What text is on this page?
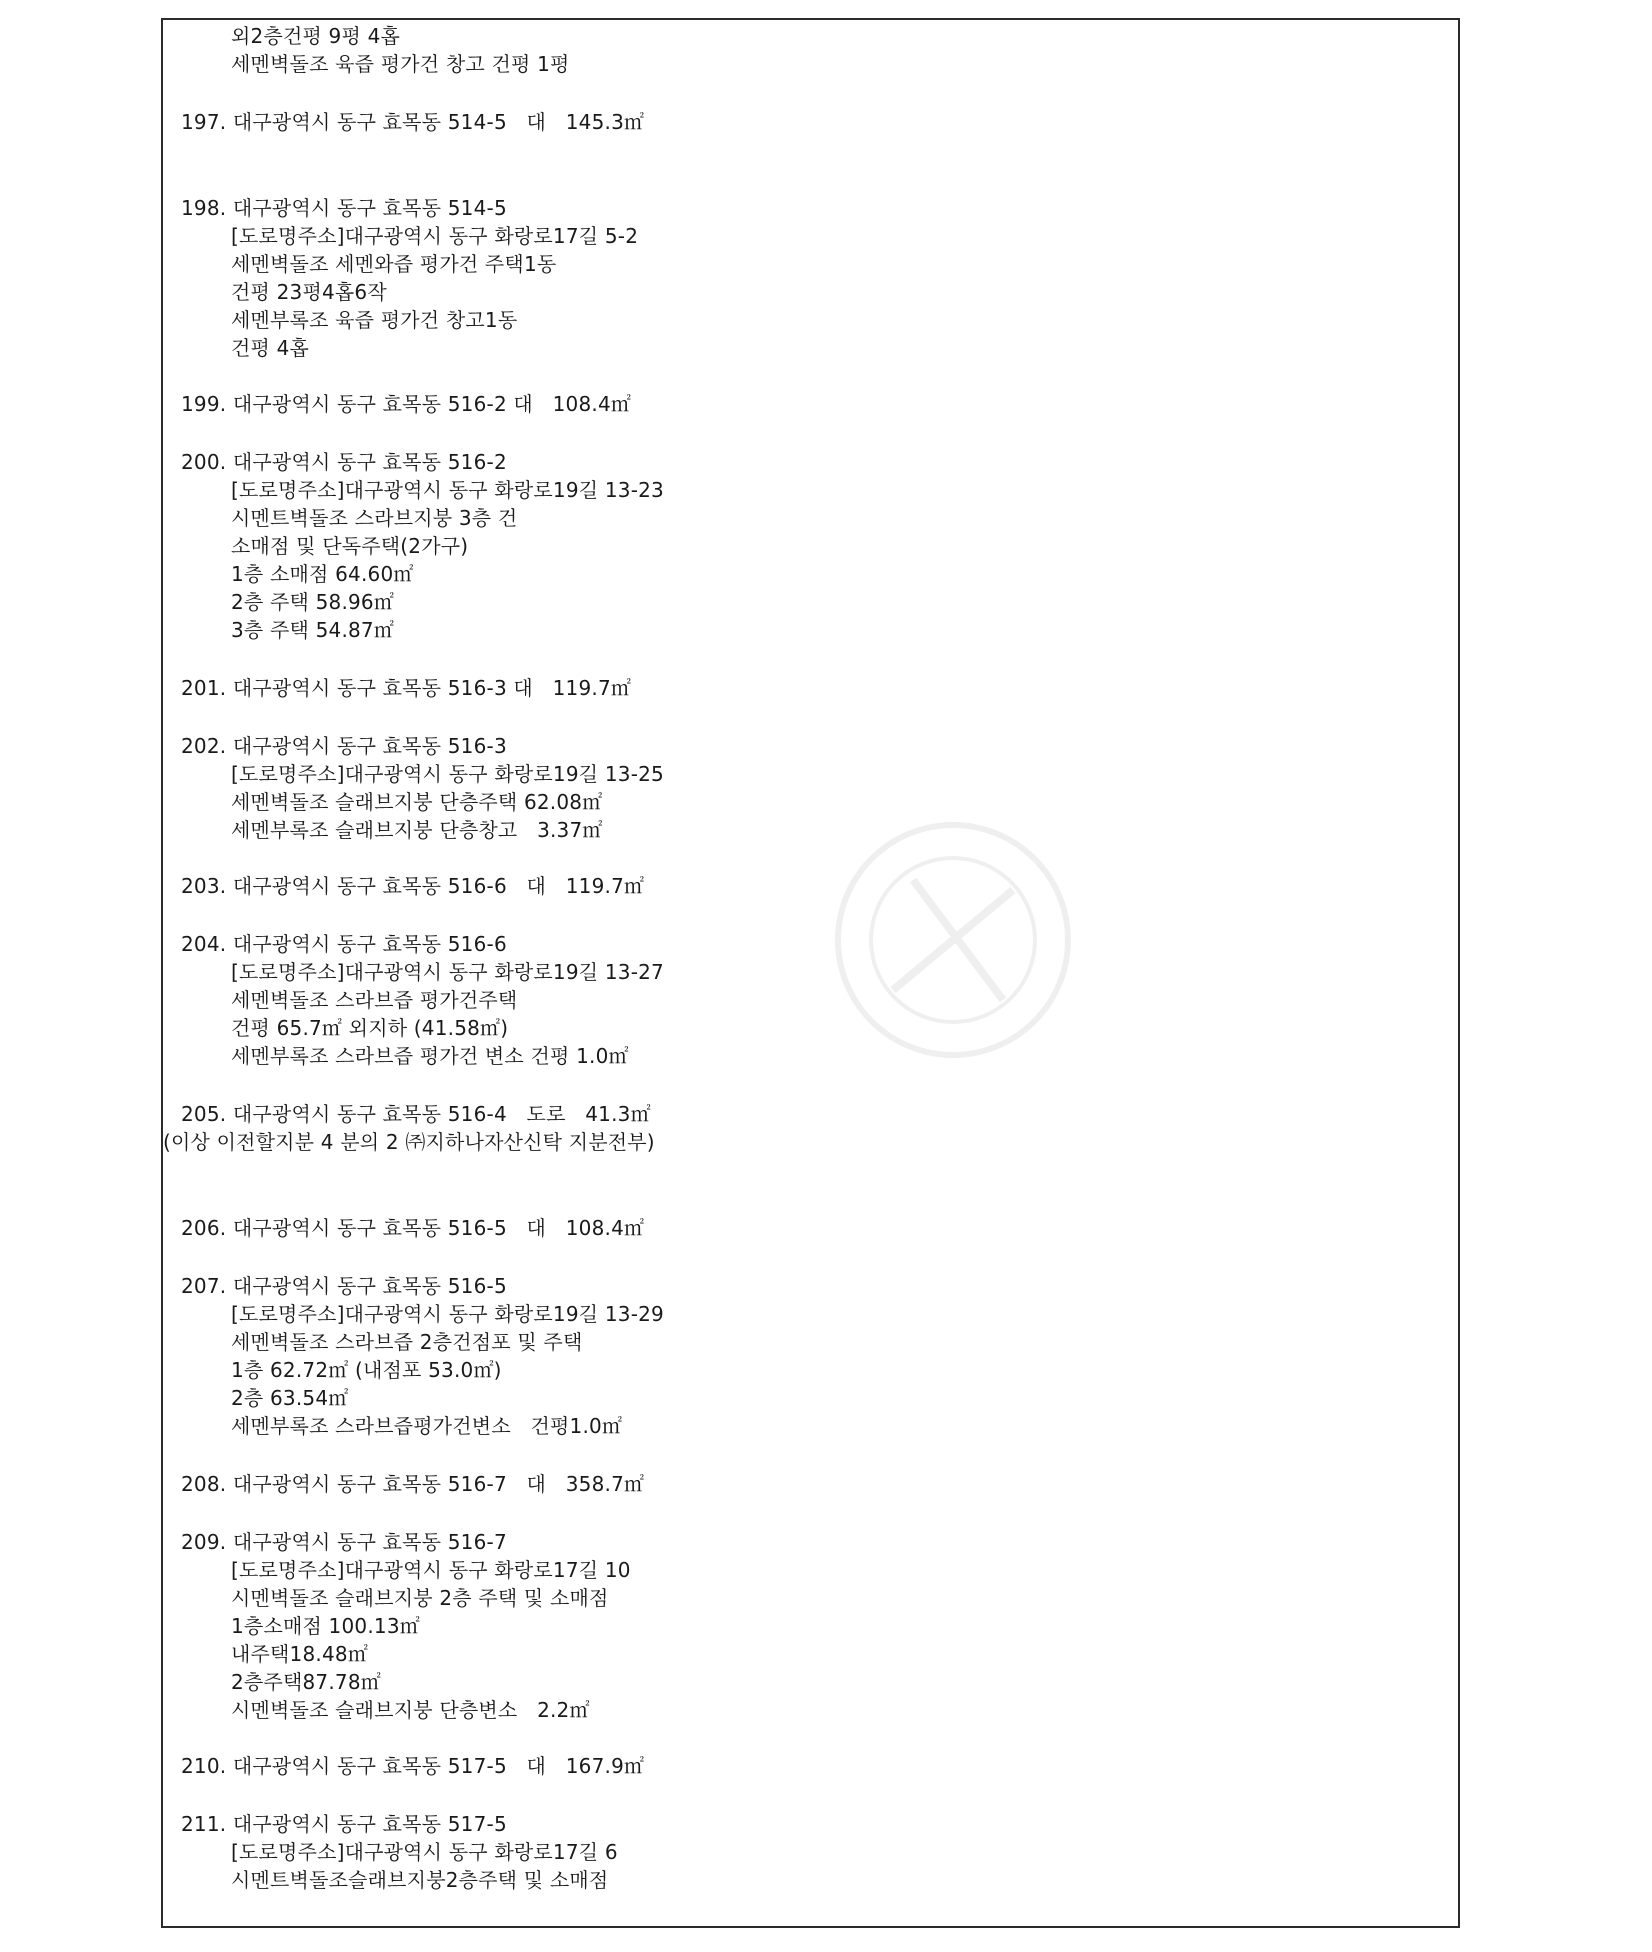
외2층건평 9평 4홉
세멘벽돌조 육즙 평가건 창고 건평 1평
197. 대구광역시 동구 효목동 514-5   대   145.3㎡
198. 대구광역시 동구 효목동 514-5
[도로명주소]대구광역시 동구 화랑로17길 5-2
세멘벽돌조 세멘와즙 평가건 주택1동
건평 23평4홉6작
세멘부록조 육즙 평가건 창고1동
건평 4홉
199. 대구광역시 동구 효목동 516-2 대   108.4㎡
200. 대구광역시 동구 효목동 516-2
[도로명주소]대구광역시 동구 화랑로19길 13-23
시멘트벽돌조 스라브지붕 3층 건
소매점 및 단독주택(2가구)
1층 소매점 64.60㎡
2층 주택 58.96㎡
3층 주택 54.87㎡
201. 대구광역시 동구 효목동 516-3 대   119.7㎡
202. 대구광역시 동구 효목동 516-3
[도로명주소]대구광역시 동구 화랑로19길 13-25
세멘벽돌조 슬래브지붕 단층주택 62.08㎡
세멘부록조 슬래브지붕 단층창고   3.37㎡
203. 대구광역시 동구 효목동 516-6   대   119.7㎡
204. 대구광역시 동구 효목동 516-6
[도로명주소]대구광역시 동구 화랑로19길 13-27
세멘벽돌조 스라브즙 평가건주택
건평 65.7㎡ 외지하 (41.58㎡)
세멘부록조 스라브즙 평가건 변소 건평 1.0㎡
205. 대구광역시 동구 효목동 516-4   도로   41.3㎡
(이상 이전할지분 4 분의 2 ㈜지하나자산신탁 지분전부)
206. 대구광역시 동구 효목동 516-5   대   108.4㎡
207. 대구광역시 동구 효목동 516-5
[도로명주소]대구광역시 동구 화랑로19길 13-29
세멘벽돌조 스라브즙 2층건점포 및 주택
1층 62.72㎡ (내점포 53.0㎡)
2층 63.54㎡
세멘부록조 스라브즙평가건변소   건평1.0㎡
208. 대구광역시 동구 효목동 516-7   대   358.7㎡
209. 대구광역시 동구 효목동 516-7
[도로명주소]대구광역시 동구 화랑로17길 10
시멘벽돌조 슬래브지붕 2층 주택 및 소매점
1층소매점 100.13㎡
내주택18.48㎡
2층주택87.78㎡
시멘벽돌조 슬래브지붕 단층변소   2.2㎡
210. 대구광역시 동구 효목동 517-5   대   167.9㎡
211. 대구광역시 동구 효목동 517-5
[도로명주소]대구광역시 동구 화랑로17길 6
시멘트벽돌조슬래브지붕2층주택 및 소매점
